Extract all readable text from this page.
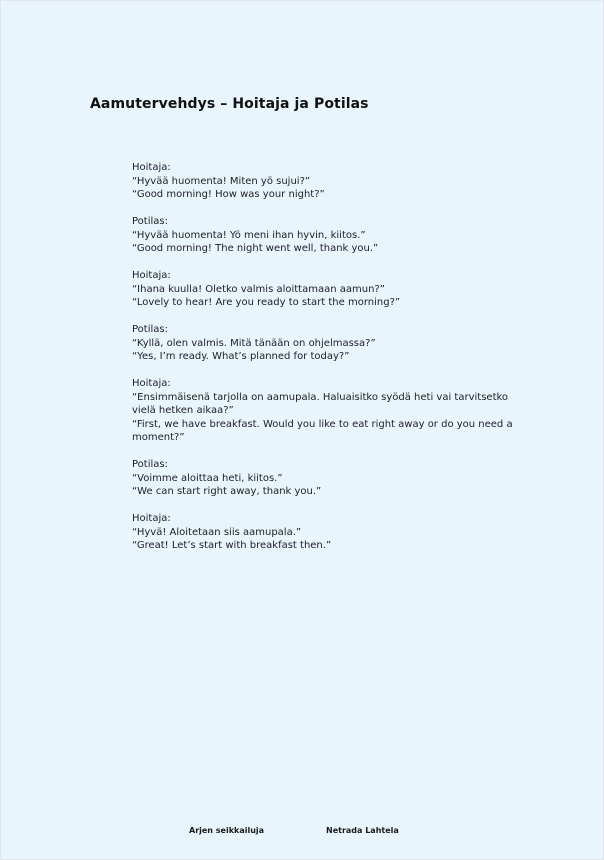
Aamutervehdys – Hoitaja ja Potilas

Hoitaja:

“Hyvää huomenta! Miten yö sujui?”

“Good morning! How was your night?”

Potilas:

“Hyvää huomenta! Yö meni ihan hyvin, kiitos.”

“Good morning! The night went well, thank you.”

Hoitaja:

“Ihana kuulla! Oletko valmis aloittamaan aamun?”

“Lovely to hear! Are you ready to start the morning?”

Potilas:

“Kyllä, olen valmis. Mitä tänään on ohjelmassa?”

“Yes, I’m ready. What’s planned for today?”

Hoitaja:

“Ensimmäisenä tarjolla on aamupala. Haluaisitko syödä heti vai tarvitsetko vielä hetken aikaa?”

“First, we have breakfast. Would you like to eat right away or do you need a moment?”

Potilas:

“Voimme aloittaa heti, kiitos.”

“We can start right away, thank you.”

Hoitaja:

“Hyvä! Aloitetaan siis aamupala.”

“Great! Let’s start with breakfast then.”

Arjen seikkailuja	Netrada Lahtela
